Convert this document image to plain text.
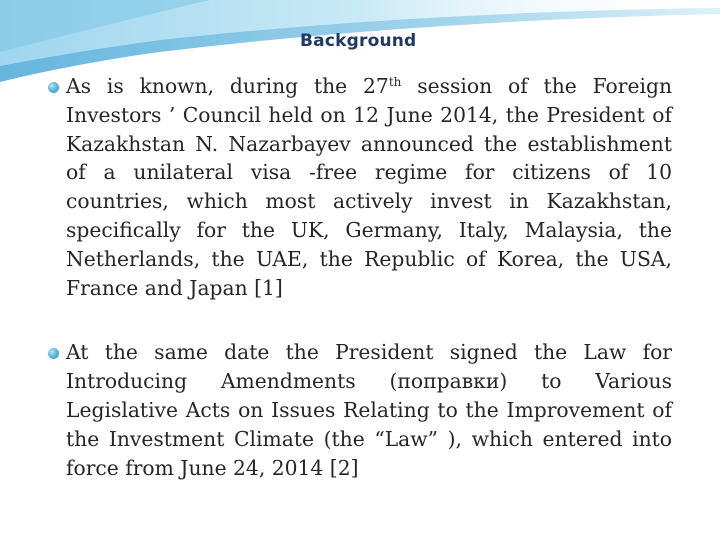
Background
As is known, during the 27th session of the Foreign Investors ’ Council held on 12 June 2014, the President of Kazakhstan N. Nazarbayev announced the establishment of a unilateral visa -free regime for citizens of 10 countries, which most actively invest in Kazakhstan, specifically for the UK, Germany, Italy, Malaysia, the Netherlands, the UAE, the Republic of Korea, the USA, France and Japan [1]
At the same date the President signed the Law for Introducing Amendments (поправки) to Various Legislative Acts on Issues Relating to the Improvement of the Investment Climate (the “Law” ), which entered into force from June 24, 2014 [2]
